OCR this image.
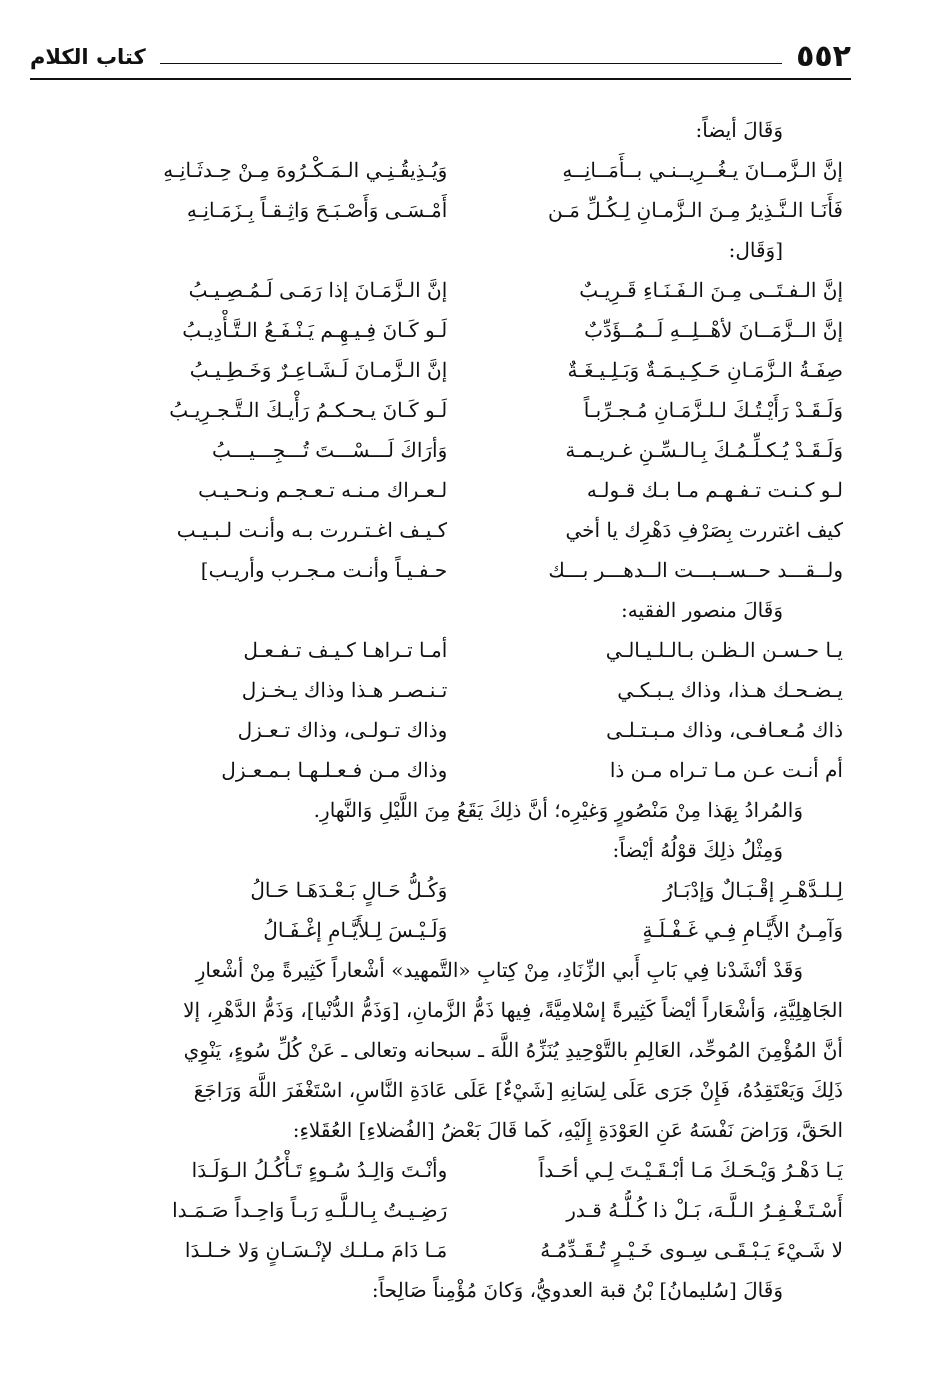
٥٥٢
كتاب الكلام
وَقَالَ أيضاً:
إنَّ الـزَّمــانَ يـغُــرِيــنـي بــأَمَــانِــهِ
وَيُـذِيقُـنِـي الـمَـكْـرُوهَ مِـنْ حِـدثَـانِـهِ
فَأَنَـا الـنَّـذِيرُ مِـنَ الـزَّمـانِ لِـكُـلِّ مَـن
أَمْـسَـى وَأَصْـبَـحَ وَاثِـقـاً بِـزَمَـانِـهِ
[وَقَال:
إنَّ الـفـتَــى مِـنَ الـفَـنَـاءِ قَـرِيـبٌ
إنَّ الـزَّمَـانَ إذا رَمَـى لَـمُـصِـيـبُ
إنَّ الــزَّمَــانَ لأهْــلِــهِ لَــمُــؤَدِّبٌ
لَـو كَـانَ فِـيـهِـم يَـنْـفَـعُ الـتَّـأْدِيـبُ
صِفَـةُ الـزَّمَـانِ حَـكِـيـمَـةٌ وَبَـلِـيـغَـةٌ
إنَّ الـزَّمـانَ لَـشَـاعِـرٌ وَخَـطِـيـبُ
وَلَـقَـدْ رَأَيْـتُـكَ لـلـزَّمَـانِ مُـجـرِّبـاً
لَـو كَـانَ يـحـكـمُ رَأْيـكَ الـتَّـجـرِيـبُ
وَلَـقَـدْ يُـكـلِّـمُـكَ بِـالـسِّـنِ غـريـمـة
وَأرَاكَ لَـــسْـــتَ تُـــجِـــيـــبُ
لـو كـنـت تـفـهـم مـا بـك قـولـه
لـعـراك مـنـه تـعـجـم ونـحـيـب
كيف اغتررت بِصَرْفِ دَهْرِك يا أخي
كـيـف اغـتـررت بـه وأنـت لـبـيـب
ولــقـــد حــســبـــت الــدهـــر بـــك
حـفـيـاً وأنـت مـجـرب وأريـب]
وَقَالَ منصور الفقيه:
يـا حـسـن الـظـن بـالـلـيـالـي
أمـا تـراهـا كـيـف تـفـعـل
يـضـحـك هـذا، وذاك يـبـكـي
تـنـصـر هـذا وذاك يـخـزل
ذاك مُـعـافـى، وذاك مـبـتـلـى
وذاك تـولـى، وذاك تـعـزل
أم أنـت عـن مـا تـراه مـن ذا
وذاك مـن فـعـلـهـا بـمـعـزل
وَالمُرادُ بِهَذا مِنْ مَنْصُورٍ وَغيْرِه؛ أنَّ ذلِكَ يَقَعُ مِنَ اللَّيْلِ وَالنَّهارِ.
وَمِثْلُ ذلِكَ قوْلُهُ أيْضاً:
لِـلـدَّهْـرِ إقْـبَـالٌ وَإدْبَـارُ
وَكُـلُّ حَـالٍ بَـعْـدَهَـا حَـالُ
وَآمِـنُ الأَيَّـامِ فِـي غَـفْـلَـةٍ
وَلَـيْـسَ لِـلأَيَّـامِ إغْـفَـالُ
وَقَدْ أنْشَدْنا فِي بَابِ أَبي الزِّنَادِ، مِنْ كِتابِ «التَّمهيد» أشْعاراً كَثِيرةً مِنْ أشْعارِ
الجَاهِلِيَّةِ، وَأشْعَاراً أيْضاً كَثِيرةً إسْلامِيَّةً، فِيها ذَمُّ الزَّمانِ، [وَذَمُّ الدُّنْيا]، وَذَمُّ الدَّهْرِ، إلا
أنَّ المُؤْمِنَ المُوحِّد، العَالِمِ بالتَّوْحِيدِ يُنَزِّهُ اللَّهَ ـ سبحانه وتعالى ـ عَنْ كُلِّ سُوءٍ، يَنْوِي
ذَلِكَ وَيَعْتَقِدُهُ، فَإِنْ جَرَى عَلَى لِسَانِهِ [شَيْءٌ] عَلَى عَادَةِ النَّاسِ، اسْتَغْفَرَ اللَّهَ وَرَاجَعَ
الحَقَّ، وَرَاضَ نَفْسَهُ عَنِ العَوْدَةِ إِلَيْهِ، كَما قَالَ بَعْضُ [الفُضلاءِ] العُقَلاءِ:
يَـا دَهْـرُ وَيْـحَـكَ مَـا أبْـقَـيْـتَ لِـي أحَـداً
وأنْـتَ وَالِـدُ سُـوءٍ تَـأْكُـلُ الـوَلَـدَا
أَسْـتَـغْـفِـرُ الـلَّـهَ، بَـلْ ذا كُـلُّـهُ قـدر
رَضِـيـتُ بِـالـلَّـهِ رَبـاً وَاحِـداً صَـمَـدا
لا شَـيْءَ يَـبْـقَـى سِـوى خَـيْـرٍ تُـقَـدِّمُـهُ
مَـا دَامَ مـلـك لإنْـسَـانٍ وَلا خـلـدَا
وَقَالَ [سُليمانُ] بْنُ قبة العدويُّ، وَكانَ مُؤْمِناً صَالِحاً:
